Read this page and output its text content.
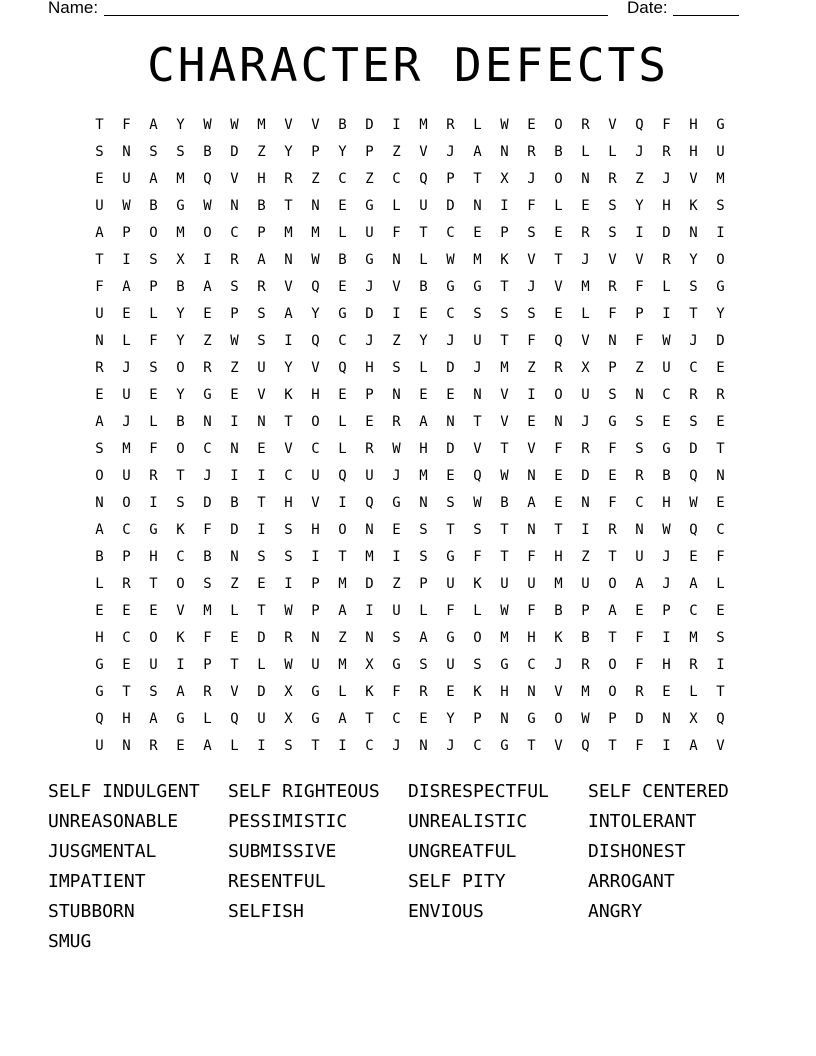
Name:	Date:
CHARACTER DEFECTS
T	F	A	Y	W	W	M	V	V	B	D	I	M	R	L	W	E	O	R	V	Q	F	H	G
S	N	S	S	B	D	Z	Y	P	Y	P	Z	V	J	A	N	R	B	L	L	J	R	H	U
E	U	A	M	Q	V	H	R	Z	C	Z	C	Q	P	T	X	J	O	N	R	Z	J	V	M
U	W	B	G	W	N	B	T	N	E	G	L	U	D	N	I	F	L	E	S	Y	H	K	S
A	P	O	M	O	C	P	M	M	L	U	F	T	C	E	P	S	E	R	S	I	D	N	I
T	I	S	X	I	R	A	N	W	B	G	N	L	W	M	K	V	T	J	V	V	R	Y	O
F	A	P	B	A	S	R	V	Q	E	J	V	B	G	G	T	J	V	M	R	F	L	S	G
U	E	L	Y	E	P	S	A	Y	G	D	I	E	C	S	S	S	E	L	F	P	I	T	Y
N	L	F	Y	Z	W	S	I	Q	C	J	Z	Y	J	U	T	F	Q	V	N	F	W	J	D
R	J	S	O	R	Z	U	Y	V	Q	H	S	L	D	J	M	Z	R	X	P	Z	U	C	E
E	U	E	Y	G	E	V	K	H	E	P	N	E	E	N	V	I	O	U	S	N	C	R	R
A	J	L	B	N	I	N	T	O	L	E	R	A	N	T	V	E	N	J	G	S	E	S	E
S	M	F	O	C	N	E	V	C	L	R	W	H	D	V	T	V	F	R	F	S	G	D	T
O	U	R	T	J	I	I	C	U	Q	U	J	M	E	Q	W	N	E	D	E	R	B	Q	N
N	O	I	S	D	B	T	H	V	I	Q	G	N	S	W	B	A	E	N	F	C	H	W	E
A	C	G	K	F	D	I	S	H	O	N	E	S	T	S	T	N	T	I	R	N	W	Q	C
B	P	H	C	B	N	S	S	I	T	M	I	S	G	F	T	F	H	Z	T	U	J	E	F
L	R	T	O	S	Z	E	I	P	M	D	Z	P	U	K	U	U	M	U	O	A	J	A	L
E	E	E	V	M	L	T	W	P	A	I	U	L	F	L	W	F	B	P	A	E	P	C	E
H	C	O	K	F	E	D	R	N	Z	N	S	A	G	O	M	H	K	B	T	F	I	M	S
G	E	U	I	P	T	L	W	U	M	X	G	S	U	S	G	C	J	R	O	F	H	R	I
G	T	S	A	R	V	D	X	G	L	K	F	R	E	K	H	N	V	M	O	R	E	L	T
Q	H	A	G	L	Q	U	X	G	A	T	C	E	Y	P	N	G	O	W	P	D	N	X	Q
U	N	R	E	A	L	I	S	T	I	C	J	N	J	C	G	T	V	Q	T	F	I	A	V
SELF INDULGENT	SELF RIGHTEOUS	DISRESPECTFUL	SELF CENTERED
UNREASONABLE	PESSIMISTIC	UNREALISTIC	INTOLERANT
JUSGMENTAL	SUBMISSIVE	UNGREATFUL	DISHONEST
IMPATIENT	RESENTFUL	SELF PITY	ARROGANT
STUBBORN	SELFISH	ENVIOUS	ANGRY
SMUG
